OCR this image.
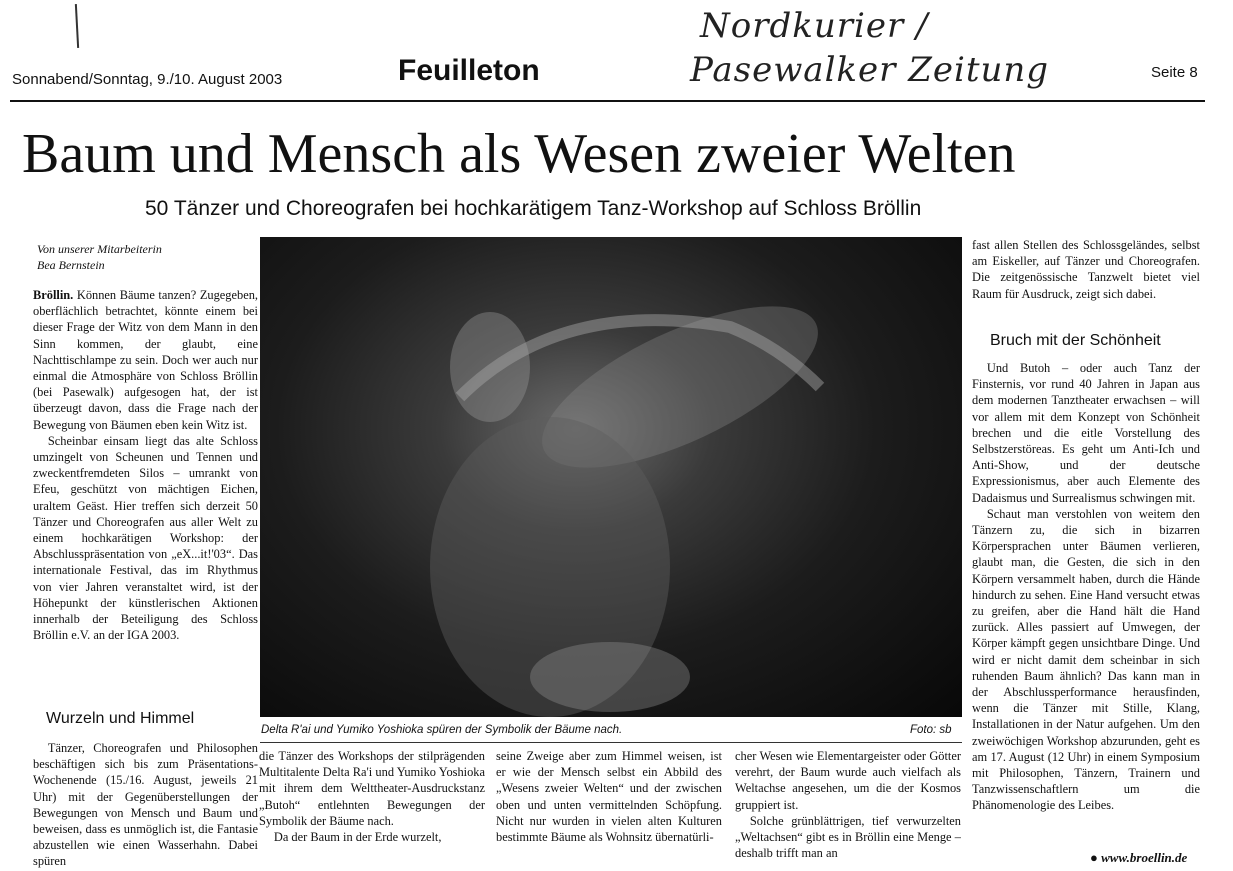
Nordkurier /
Pasewalker Zeitung
Sonnabend/Sonntag, 9./10. August 2003	Feuilleton	Seite 8
Baum und Mensch als Wesen zweier Welten
50 Tänzer und Choreografen bei hochkarätigem Tanz-Workshop auf Schloss Bröllin
Von unserer Mitarbeiterin
Bea Bernstein

Bröllin. Können Bäume tanzen? Zugegeben, oberflächlich betrachtet, könnte einem bei dieser Frage der Witz von dem Mann in den Sinn kommen, der glaubt, eine Nachttischlampe zu sein. Doch wer auch nur einmal die Atmosphäre von Schloss Bröllin (bei Pasewalk) aufgesogen hat, der ist überzeugt davon, dass die Frage nach der Bewegung von Bäumen eben kein Witz ist.

Scheinbar einsam liegt das alte Schloss umzingelt von Scheunen und Tennen und zweckentfremdeten Silos – umrankt von Efeu, geschützt von mächtigen Eichen, uraltem Geäst. Hier treffen sich derzeit 50 Tänzer und Choreografen aus aller Welt zu einem hochkarätigen Workshop: der Abschlusspräsentation von „eX...it!'03“. Das internationale Festival, das im Rhythmus von vier Jahren veranstaltet wird, ist der Höhepunkt der künstlerischen Aktionen innerhalb der Beteiligung des Schloss Bröllin e.V. an der IGA 2003.

Wurzeln und Himmel

Tänzer, Choreografen und Philosophen beschäftigen sich bis zum Präsentations-Wochenende (15./16. August, jeweils 21 Uhr) mit der Gegenüberstellungen der Bewegungen von Mensch und Baum und beweisen, dass es unmöglich ist, die Fantasie abzustellen wie einen Wasserhahn. Dabei spüren

Delta R'ai und Yumiko Yoshioka spüren der Symbolik der Bäume nach.	Foto: sb

die Tänzer des Workshops der stilprägenden Multitalente Delta Ra'i und Yumiko Yoshioka mit ihrem dem Welttheater-Ausdruckstanz „Butoh“ entlehnten Bewegungen der Symbolik der Bäume nach.

Da der Baum in der Erde wurzelt,

seine Zweige aber zum Himmel weisen, ist er wie der Mensch selbst ein Abbild des „Wesens zweier Welten“ und der zwischen oben und unten vermittelnden Schöpfung. Nicht nur wurden in vielen alten Kulturen bestimmte Bäume als Wohnsitz übernatürli-

cher Wesen wie Elementargeister oder Götter verehrt, der Baum wurde auch vielfach als Weltachse angesehen, um die der Kosmos gruppiert ist.

Solche grünblättrigen, tief verwurzelten „Weltachsen“ gibt es in Bröllin eine Menge – deshalb trifft man an

fast allen Stellen des Schlossgeländes, selbst am Eiskeller, auf Tänzer und Choreografen. Die zeitgenössische Tanzwelt bietet viel Raum für Ausdruck, zeigt sich dabei.

Bruch mit der Schönheit

Und Butoh – oder auch Tanz der Finsternis, vor rund 40 Jahren in Japan aus dem modernen Tanztheater erwachsen – will vor allem mit dem Konzept von Schönheit brechen und die eitle Vorstellung des Selbstzerstöreas. Es geht um Anti-Ich und Anti-Show, und der deutsche Expressionismus, aber auch Elemente des Dadaismus und Surrealismus schwingen mit.

Schaut man verstohlen von weitem den Tänzern zu, die sich in bizarren Körpersprachen unter Bäumen verlieren, glaubt man, die Gesten, die sich in den Körpern versammelt haben, durch die Hände hindurch zu sehen. Eine Hand versucht etwas zu greifen, aber die Hand hält die Hand zurück. Alles passiert auf Umwegen, der Körper kämpft gegen unsichtbare Dinge. Und wird er nicht damit dem scheinbar in sich ruhenden Baum ähnlich? Das kann man in der Abschlussperformance herausfinden, wenn die Tänzer mit Stille, Klang, Installationen in der Natur aufgehen. Um den zweiwöchigen Workshop abzurunden, geht es am 17. August (12 Uhr) in einem Symposium mit Philosophen, Tänzern, Trainern und Tanzwissenschaftlern um die Phänomenologie des Leibes.

● www.broellin.de
